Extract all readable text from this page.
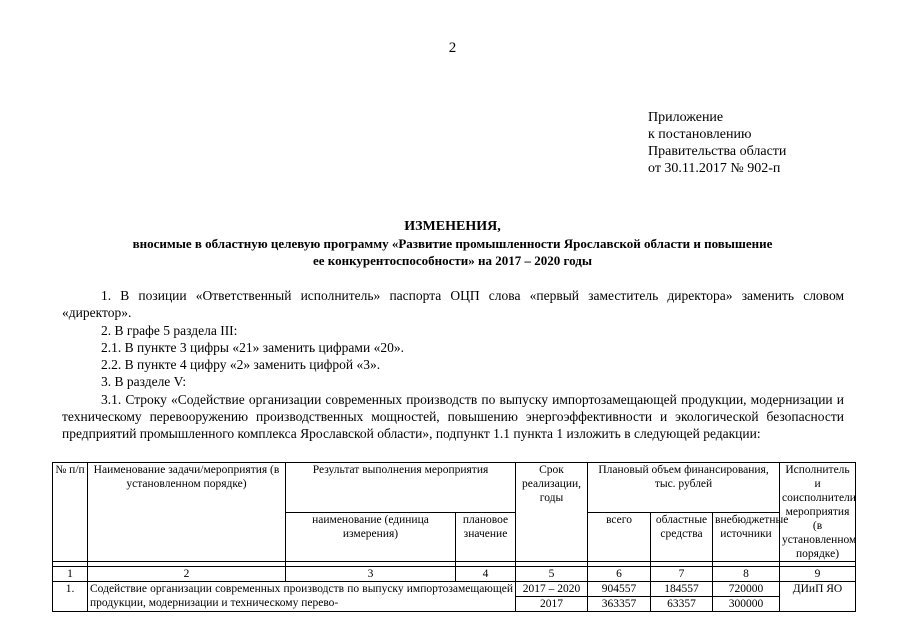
2
Приложение
к постановлению
Правительства области
от 30.11.2017 № 902-п
ИЗМЕНЕНИЯ,
вносимые в областную целевую программу «Развитие промышленности Ярославской области и повышение
ее конкурентоспособности» на 2017 – 2020 годы

1. В позиции «Ответственный исполнитель» паспорта ОЦП слова «первый заместитель директора» заменить словом «директор».

2. В графе 5 раздела III:

2.1. В пункте 3 цифры «21» заменить цифрами «20».

2.2. В пункте 4 цифру «2» заменить цифрой «3».

3. В разделе V:

3.1. Строку «Содействие организации современных производств по выпуску импортозамещающей продукции, модернизации и техническому перевооружению производственных мощностей, повышению энергоэффективности и экологической безопасности предприятий промышленного комплекса Ярославской области», подпункт 1.1 пункта 1 изложить в следующей редакции:

№ п/п	Наименование задачи/мероприятия (в установленном порядке)	Результат выполнения мероприятия		Срок реализации, годы	Плановый объем финансирования, тыс. рублей			Исполнитель и соисполнители мероприятия (в установленном порядке)
		наименование (единица измерения)	плановое значение		всего	областные средства	внебюджетные источники	

1	2	3	4	5	6	7	8	9
1.	Содействие организации современных производств по выпуску импортозамещающей продукции, модернизации и техническому перево-			2017 – 2020	904557	184557	720000	ДИиП ЯО
				2017	363357	63357	300000	
